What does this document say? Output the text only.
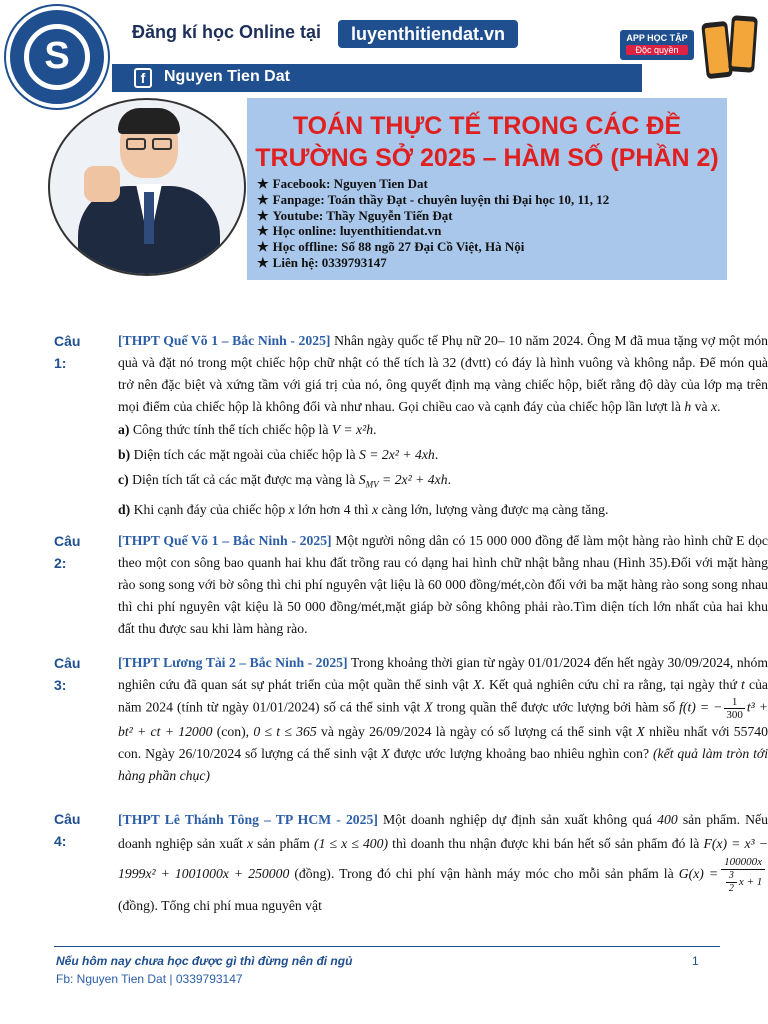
S
Đăng kí học Online tại	luyenthitiendat.vn
f	Nguyen Tien Dat
APP HỌC TẬP
Độc quyền
TOÁN THỰC TẾ TRONG CÁC ĐỀ
TRƯỜNG SỞ 2025 – HÀM SỐ (PHẦN 2)
★ Facebook: Nguyen Tien Dat
★ Fanpage: Toán thầy Đạt - chuyên luyện thi Đại học 10, 11, 12
★ Youtube: Thầy Nguyễn Tiến Đạt
★ Học online: luyenthitiendat.vn
★ Học offline: Số 88 ngõ 27 Đại Cồ Việt, Hà Nội
★ Liên hệ: 0339793147
Câu 1:
[THPT Quế Võ 1 – Bắc Ninh - 2025] Nhân ngày quốc tế Phụ nữ 20– 10 năm 2024. Ông M đã mua tặng vợ một món quà và đặt nó trong một chiếc hộp chữ nhật có thể tích là 32 (đvtt) có đáy là hình vuông và không nắp. Để món quà trở nên đặc biệt và xứng tầm với giá trị của nó, ông quyết định mạ vàng chiếc hộp, biết rằng độ dày của lớp mạ trên mọi điểm của chiếc hộp là không đổi và như nhau. Gọi chiều cao và cạnh đáy của chiếc hộp lần lượt là h và x.
a) Công thức tính thể tích chiếc hộp là V = x²h.
b) Diện tích các mặt ngoài của chiếc hộp là S = 2x² + 4xh.
c) Diện tích tất cả các mặt được mạ vàng là $S_{MV} = 2x^2 + 4xh$.
d) Khi cạnh đáy của chiếc hộp x lớn hơn 4 thì x càng lớn, lượng vàng được mạ càng tăng.
Câu 2:
[THPT Quế Võ 1 – Bắc Ninh - 2025] Một người nông dân có 15 000 000 đồng để làm một hàng rào hình chữ E dọc theo một con sông bao quanh hai khu đất trồng rau có dạng hai hình chữ nhật bằng nhau (Hình 35).Đối với mặt hàng rào song song với bờ sông thì chi phí nguyên vật liệu là 60 000 đồng/mét,còn đối với ba mặt hàng rào song song nhau thì chi phí nguyên vật kiệu là 50 000 đồng/mét,mặt giáp bờ sông không phải rào.Tìm diện tích lớn nhất của hai khu đất thu được sau khi làm hàng rào.
Câu 3:
[THPT Lương Tài 2 – Bắc Ninh - 2025] Trong khoảng thời gian từ ngày 01/01/2024 đến hết ngày 30/09/2024, nhóm nghiên cứu đã quan sát sự phát triển của một quần thể sinh vật X. Kết quả nghiên cứu chỉ ra rằng, tại ngày thứ t của năm 2024 (tính từ ngày 01/01/2024) số cá thể sinh vật X trong quần thể được ước lượng bởi hàm số f(t) = − $\frac{1}{300} t^3 + bt^2$ + ct + 12000 (con), 0 ≤ t ≤ 365 và ngày 26/09/2024 là ngày có số lượng cá thể sinh vật X nhiều nhất với 55740 con. Ngày 26/10/2024 số lượng cá thể sinh vật X được ước lượng khoảng bao nhiêu nghìn con? (kết quả làm tròn tới hàng phần chục)
Câu 4:
[THPT Lê Thánh Tông – TP HCM - 2025] Một doanh nghiệp dự định sản xuất không quá 400 sản phẩm. Nếu doanh nghiệp sản xuất x sản phẩm (1 ≤ x ≤ 400) thì doanh thu nhận được khi bán hết số sản phẩm đó là F(x) = x³ − 1999x² + 1001000x + 250000 (đồng). Trong đó chi phí vận hành máy móc cho mỗi sản phẩm là $G(x) = \frac{100000x}{\frac{3}{2} x + 1}$
(đồng). Tổng chi phí mua nguyên vật
Nếu hôm nay chưa học được gì thì đừng nên đi ngủ
Fb: Nguyen Tien Dat | 0339793147
1
